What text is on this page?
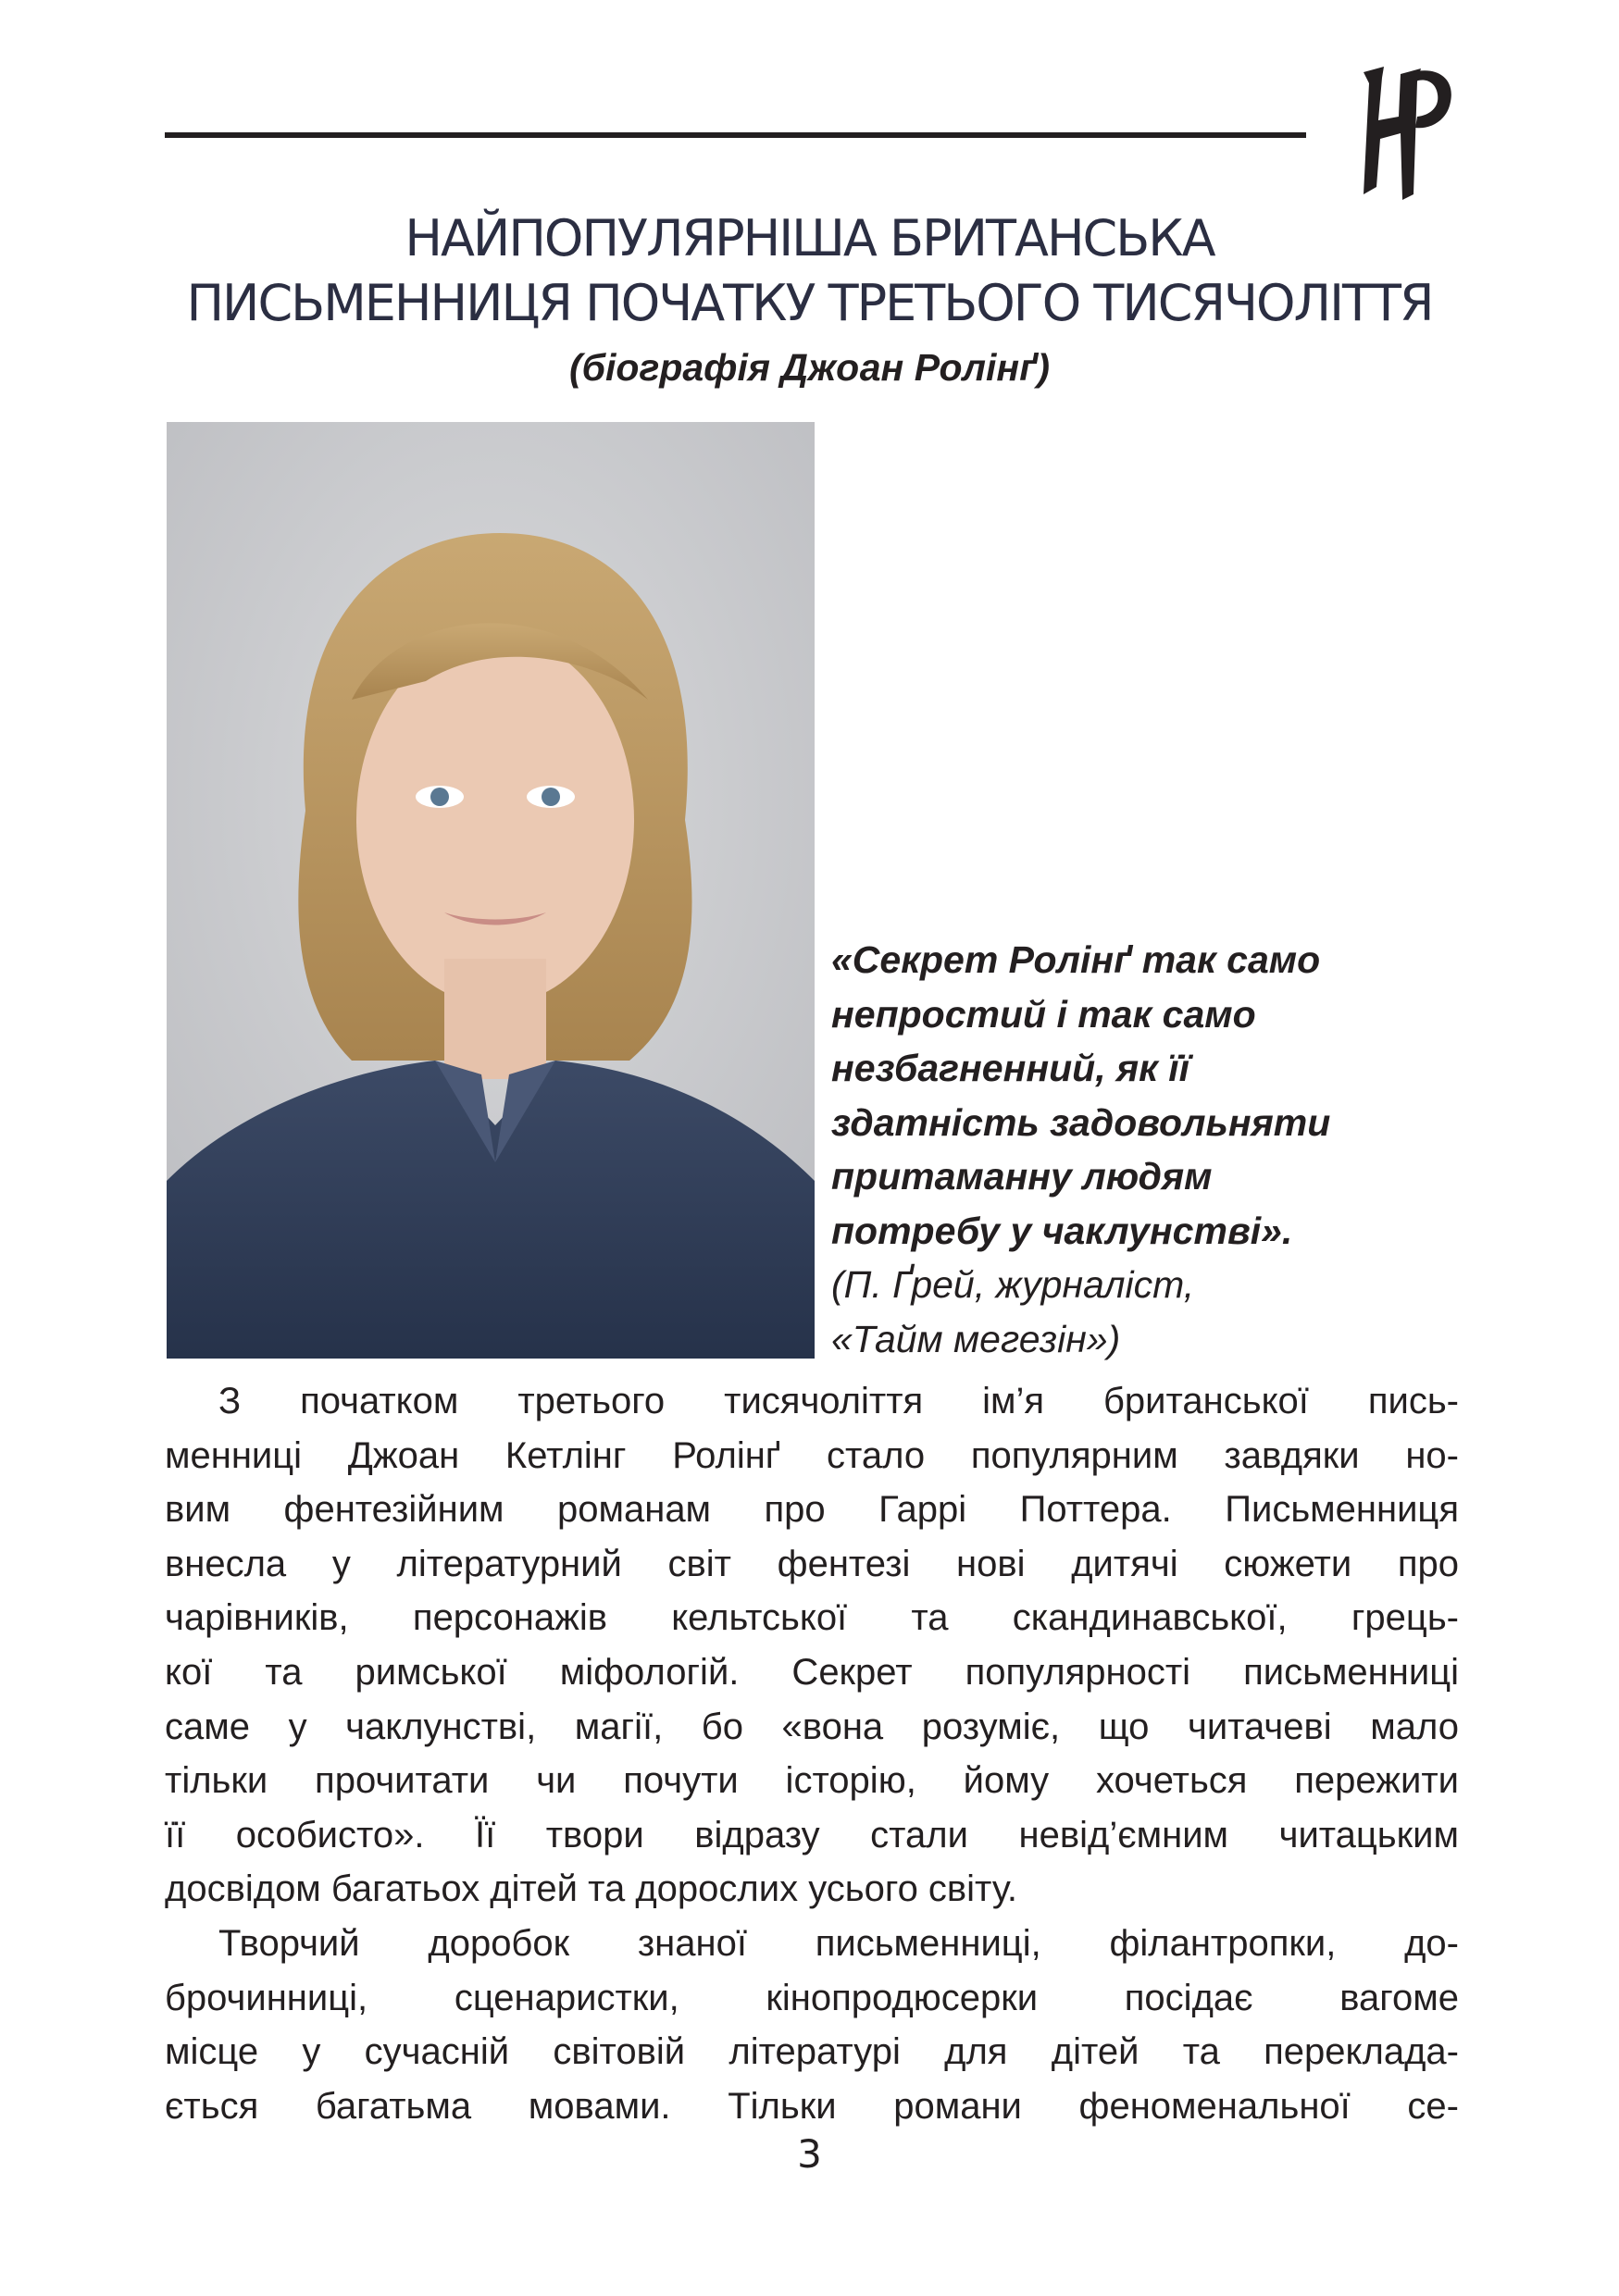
НАЙПОПУЛЯРНІША БРИТАНСЬКА
ПИСЬМЕННИЦЯ ПОЧАТКУ ТРЕТЬОГО ТИСЯЧОЛІТТЯ
(біографія Джоан Ролінґ)
«Секрет Ролінґ так само
непростий і так само
незбагненний, як її
здатність задовольняти
притаманну людям
потребу у чаклунстві».
(П. Ґрей, журналіст,
«Тайм мегезін»)
З початком третього тисячоліття ім’я британської пись-
менниці Джоан Кетлінг Ролінґ стало популярним завдяки но-
вим фентезійним романам про Гаррі Поттера. Письменниця
внесла у літературний світ фентезі нові дитячі сюжети про
чарівників, персонажів кельтської та скандинавської, грець-
кої та римської міфологій. Секрет популярності письменниці
саме у чаклунстві, магії, бо «вона розуміє, що читачеві мало
тільки прочитати чи почути історію, йому хочеться пережити
її особисто». Її твори відразу стали невід’ємним читацьким
досвідом багатьох дітей та дорослих усього світу.
Творчий доробок знаної письменниці, філантропки, до-
брочинниці, сценаристки, кінопродюсерки посідає вагоме
місце у сучасній світовій літературі для дітей та переклада-
ється багатьма мовами. Тільки романи феноменальної се-
3
